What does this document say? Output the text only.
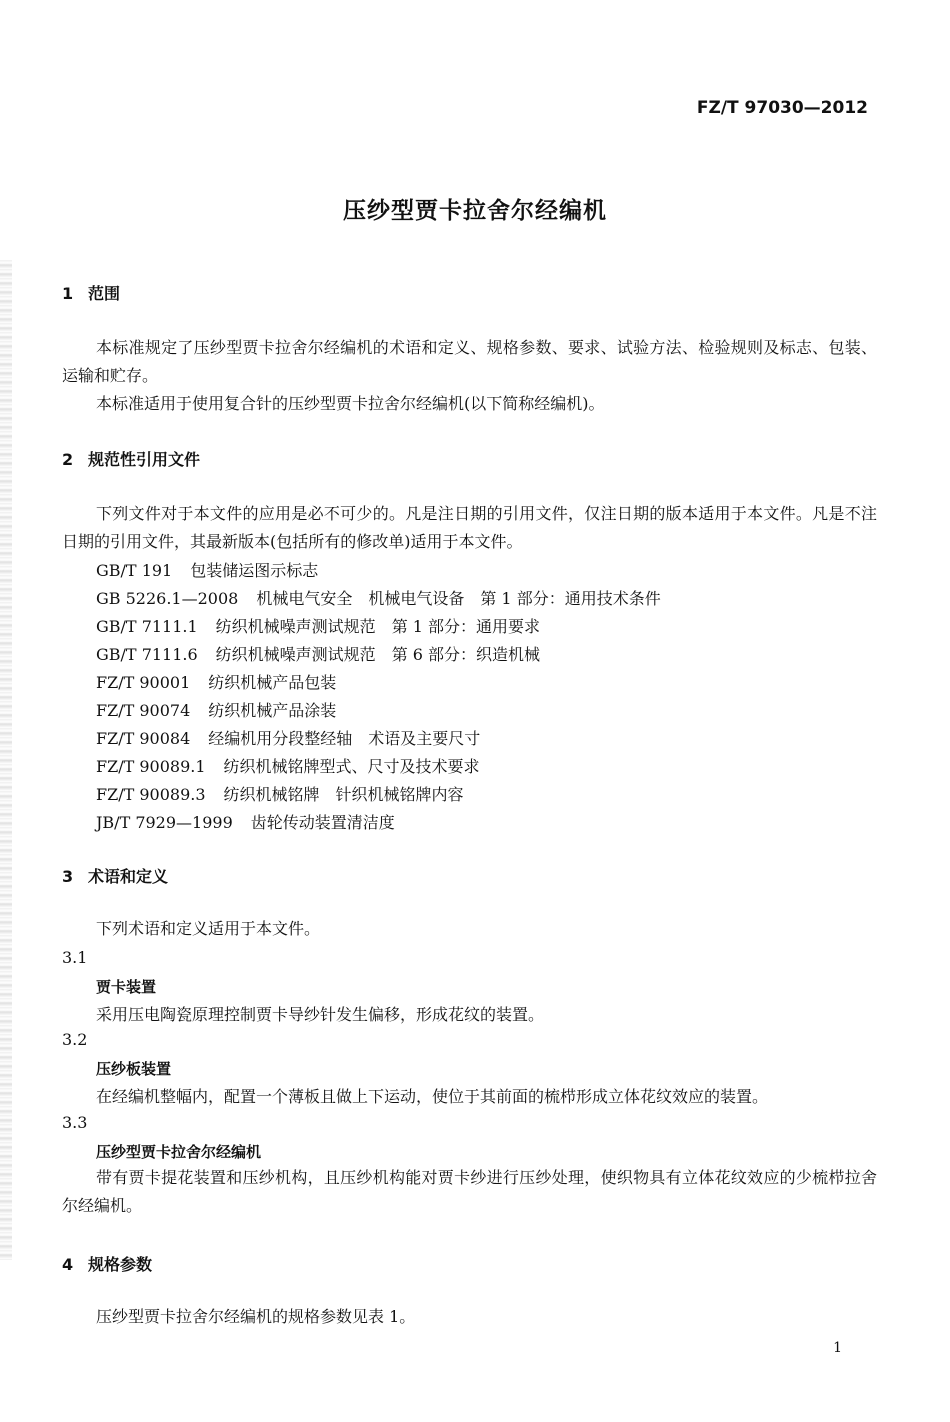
FZ/T 97030—2012
压纱型贾卡拉舍尔经编机
1 范围
本标准规定了压纱型贾卡拉舍尔经编机的术语和定义、规格参数、要求、试验方法、检验规则及标志、包装、运输和贮存。
本标准适用于使用复合针的压纱型贾卡拉舍尔经编机(以下简称经编机)。
2 规范性引用文件
下列文件对于本文件的应用是必不可少的。凡是注日期的引用文件，仅注日期的版本适用于本文件。凡是不注日期的引用文件，其最新版本(包括所有的修改单)适用于本文件。
GB/T 191 包装储运图示标志
GB 5226.1—2008 机械电气安全　机械电气设备 第 1 部分：通用技术条件
GB/T 7111.1 纺织机械噪声测试规范 第 1 部分：通用要求
GB/T 7111.6 纺织机械噪声测试规范 第 6 部分：织造机械
FZ/T 90001 纺织机械产品包装
FZ/T 90074 纺织机械产品涂装
FZ/T 90084 经编机用分段整经轴 术语及主要尺寸
FZ/T 90089.1 纺织机械铭牌型式、尺寸及技术要求
FZ/T 90089.3 纺织机械铭牌 针织机械铭牌内容
JB/T 7929—1999 齿轮传动装置清洁度
3 术语和定义
下列术语和定义适用于本文件。
3.1
贾卡装置
采用压电陶瓷原理控制贾卡导纱针发生偏移，形成花纹的装置。
3.2
压纱板装置
在经编机整幅内，配置一个薄板且做上下运动，使位于其前面的梳栉形成立体花纹效应的装置。
3.3
压纱型贾卡拉舍尔经编机
带有贾卡提花装置和压纱机构，且压纱机构能对贾卡纱进行压纱处理，使织物具有立体花纹效应的少梳栉拉舍尔经编机。
4 规格参数
压纱型贾卡拉舍尔经编机的规格参数见表 1。
1
